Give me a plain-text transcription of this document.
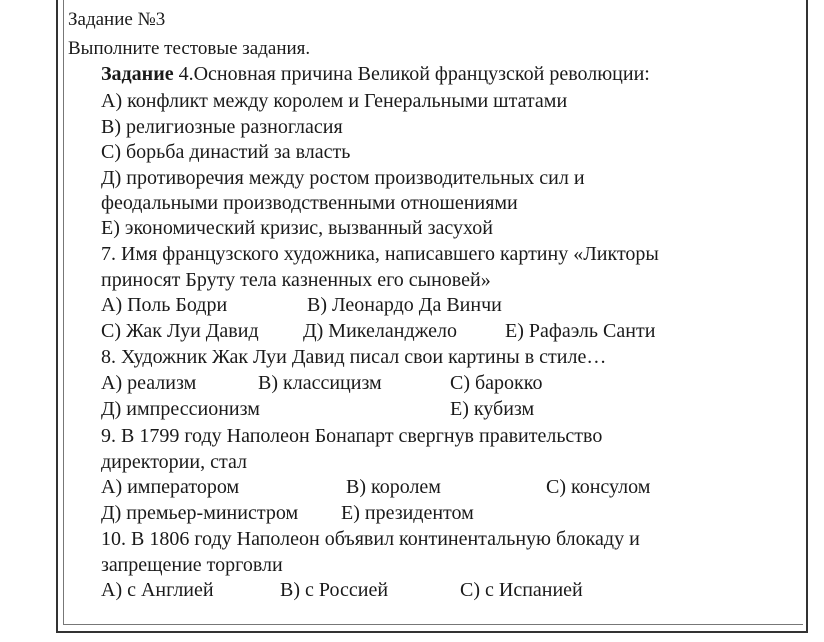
Задание №3
Выполните тестовые задания.
Задание 4.Основная причина Великой французской революции:
А) конфликт между королем и Генеральными штатами
В) религиозные разногласия
С) борьба династий за власть
Д) противоречия между ростом производительных сил и
феодальными производственными отношениями
Е) экономический кризис, вызванный засухой
7. Имя французского художника, написавшего картину «Ликторы
приносят Бруту тела казненных его сыновей»
А) Поль Бодри	В) Леонардо Да Винчи
С) Жак Луи Давид Д) Микеланджело Е) Рафаэль Санти
8. Художник Жак Луи Давид писал свои картины в стиле…
А) реализм	В) классицизм	С) барокко
Д) импрессионизм	Е) кубизм
9. В 1799 году Наполеон Бонапарт свергнув правительство
директории, стал
А) императором	В) королем	С) консулом
Д) премьер-министром Е) президентом
10. В 1806 году Наполеон объявил континентальную блокаду и
запрещение торговли
А) с Англией	В) с Россией	С) с Испанией
